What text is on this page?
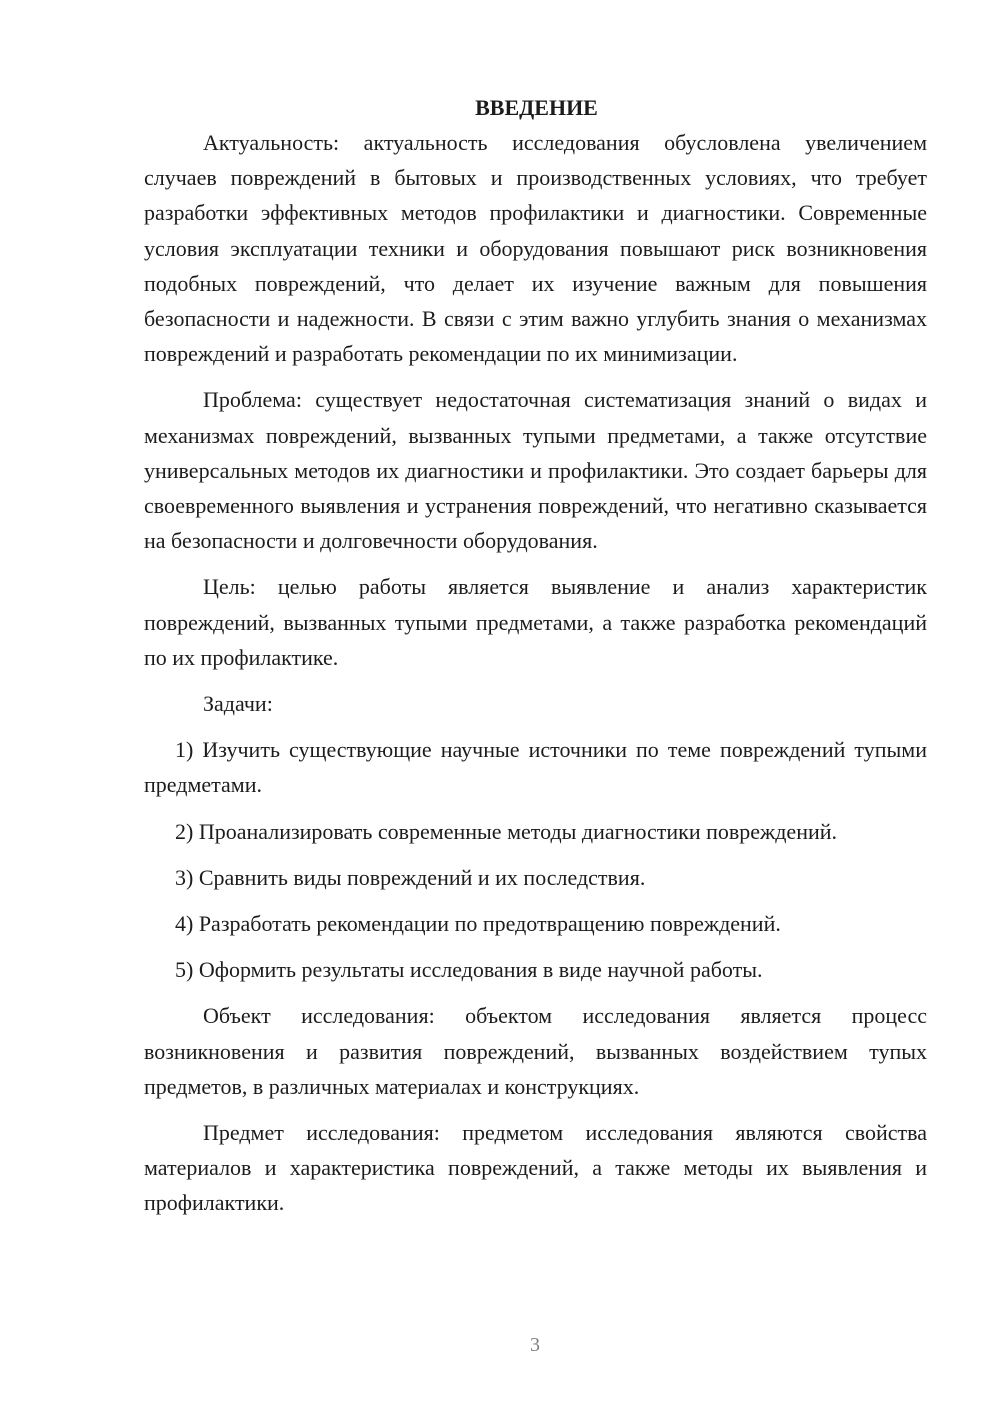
ВВЕДЕНИЕ

Актуальность: актуальность исследования обусловлена увеличением случаев повреждений в бытовых и производственных условиях, что требует разработки эффективных методов профилактики и диагностики. Современные условия эксплуатации техники и оборудования повышают риск возникновения подобных повреждений, что делает их изучение важным для повышения безопасности и надежности. В связи с этим важно углубить знания о механизмах повреждений и разработать рекомендации по их минимизации.

Проблема: существует недостаточная систематизация знаний о видах и механизмах повреждений, вызванных тупыми предметами, а также отсутствие универсальных методов их диагностики и профилактики. Это создает барьеры для своевременного выявления и устранения повреждений, что негативно сказывается на безопасности и долговечности оборудования.

Цель: целью работы является выявление и анализ характеристик повреждений, вызванных тупыми предметами, а также разработка рекомендаций по их профилактике.

Задачи:

1) Изучить существующие научные источники по теме повреждений тупыми предметами.

2) Проанализировать современные методы диагностики повреждений.

3) Сравнить виды повреждений и их последствия.

4) Разработать рекомендации по предотвращению повреждений.

5) Оформить результаты исследования в виде научной работы.

Объект исследования: объектом исследования является процесс возникновения и развития повреждений, вызванных воздействием тупых предметов, в различных материалах и конструкциях.

Предмет исследования: предметом исследования являются свойства материалов и характеристика повреждений, а также методы их выявления и профилактики.

3
